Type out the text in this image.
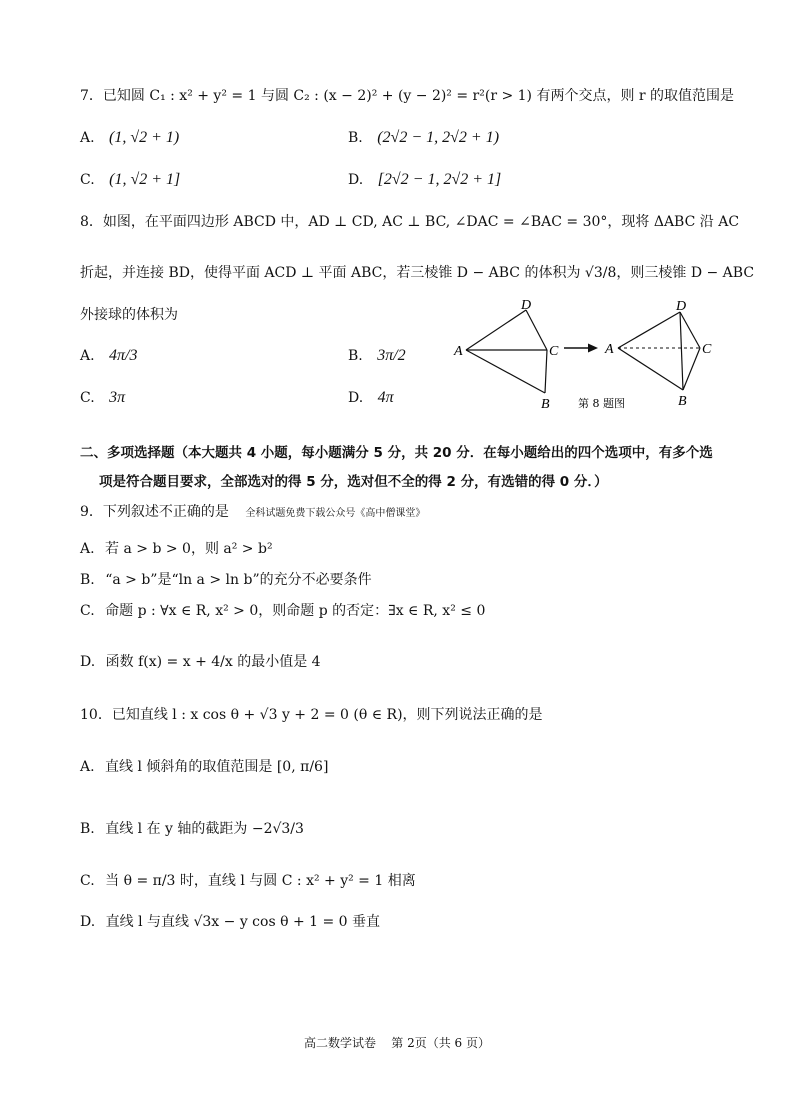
7．已知圆 C₁ : x² + y² = 1 与圆 C₂ : (x − 2)² + (y − 2)² = r²(r > 1) 有两个交点，则 r 的取值范围是
A. (1, √2 + 1)	B. (2√2 − 1, 2√2 + 1)
C. (1, √2 + 1]	D. [2√2 − 1, 2√2 + 1]
8．如图，在平面四边形 ABCD 中，AD ⊥ CD, AC ⊥ BC, ∠DAC = ∠BAC = 30°，现将 ΔABC 沿 AC
折起，并连接 BD，使得平面 ACD ⊥ 平面 ABC，若三棱锥 D − ABC 的体积为 √3/8，则三棱锥 D − ABC
外接球的体积为
A. 4π/3	B. 3π/2
C. 3π	D. 4π
D
A	C
B
D
A	C
B
第 8 题图
二、多项选择题（本大题共 4 小题，每小题满分 5 分，共 20 分．在每小题给出的四个选项中，有多个选
项是符合题目要求，全部选对的得 5 分，选对但不全的得 2 分，有选错的得 0 分．）
9．下列叙述不正确的是 全科试题免费下载公众号《高中僧课堂》
A. 若 a > b > 0，则 a² > b²
B. “a > b”是“ln a > ln b”的充分不必要条件
C. 命题 p : ∀x ∈ R, x² > 0，则命题 p 的否定：∃x ∈ R, x² ≤ 0
D. 函数 f(x) = x + 4/x 的最小值是 4
10．已知直线 l : x cos θ + √3 y + 2 = 0 (θ ∈ R)，则下列说法正确的是
A. 直线 l 倾斜角的取值范围是 [0, π/6]
B. 直线 l 在 y 轴的截距为 −2√3/3
C. 当 θ = π/3 时，直线 l 与圆 C : x² + y² = 1 相离
D. 直线 l 与直线 √3x − y cos θ + 1 = 0 垂直
高二数学试卷    第 2页（共 6 页）
